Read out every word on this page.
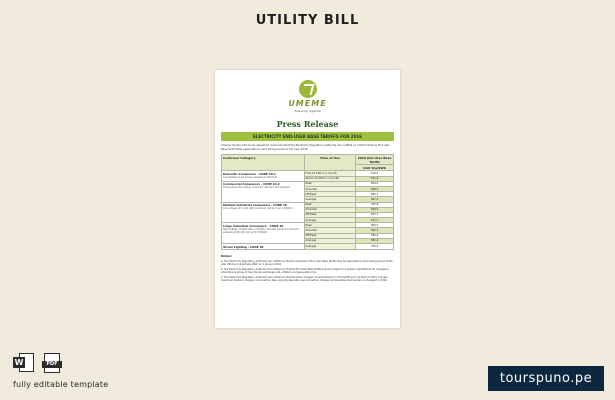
UTILITY BILL
UMEME
Powering Uganda
Press Release
ELECTRICITY END-USER BASE TARIFFS FOR 2016
Umeme hereby informs its esteemed customers that the Electricity Regulatory Authority has notified us of the following End User Base Tariff Rates applicable to each billing period of the year 2016.
Customer Category	Time of Use	2016 End User Base Tariffs
		UGX Shs/kWh

Domestic Consumers - CODE 10.1
Low Voltage single phase supplied at 240 Volts	First 15 kWh in a month	150.0
	Above 15 kWh in a month	671.9

Commercial Consumers - CODE 10.2
Three phase low voltage maximum demand 100 Amperes	Peak	944.2
	Shoulder	568.1
	Off-Peak	380.3
	Average	597.3

Medium Industrial Consumers - CODE 20
Low voltage 415 volts with maximum demand up to 500kVA	Peak	705.6
	Shoulder	493.2
	Off-Peak	303.1
	Average	511.7

Large Industrial Consumers - CODE 30
High voltage 11,000 volts or 33,000 volts with maximum demand exceeding 500 kVA but up to 1500kVA	Peak	400.3
	Shoulder	392.1
	Off-Peak	286.9
	Average	381.4

Street Lighting - CODE 50	Average	370.0
Notes:
1. The Electricity Regulatory Authority has notified us that the schedule of End User Base Tariffs shall be applicable to each billing period of the year 2016 and shall take effect on 1 January 2016.
2. The Electricity Regulatory Authority has notified us that the End User Base Tariffs shall be subject to quarterly adjustments for changes in international prices of fuel, foreign exchange rate, inflation and generation mix.
3. The Electricity Regulatory Authority has notified us that the other charges not prescribed for in the tariffs such as fixed monthly charges, maximum demand charges, reconnection fees, security deposits, new connection charges and penalties shall remain unchanged for 2016.
W	PDF
fully editable template	tourspuno.pe
